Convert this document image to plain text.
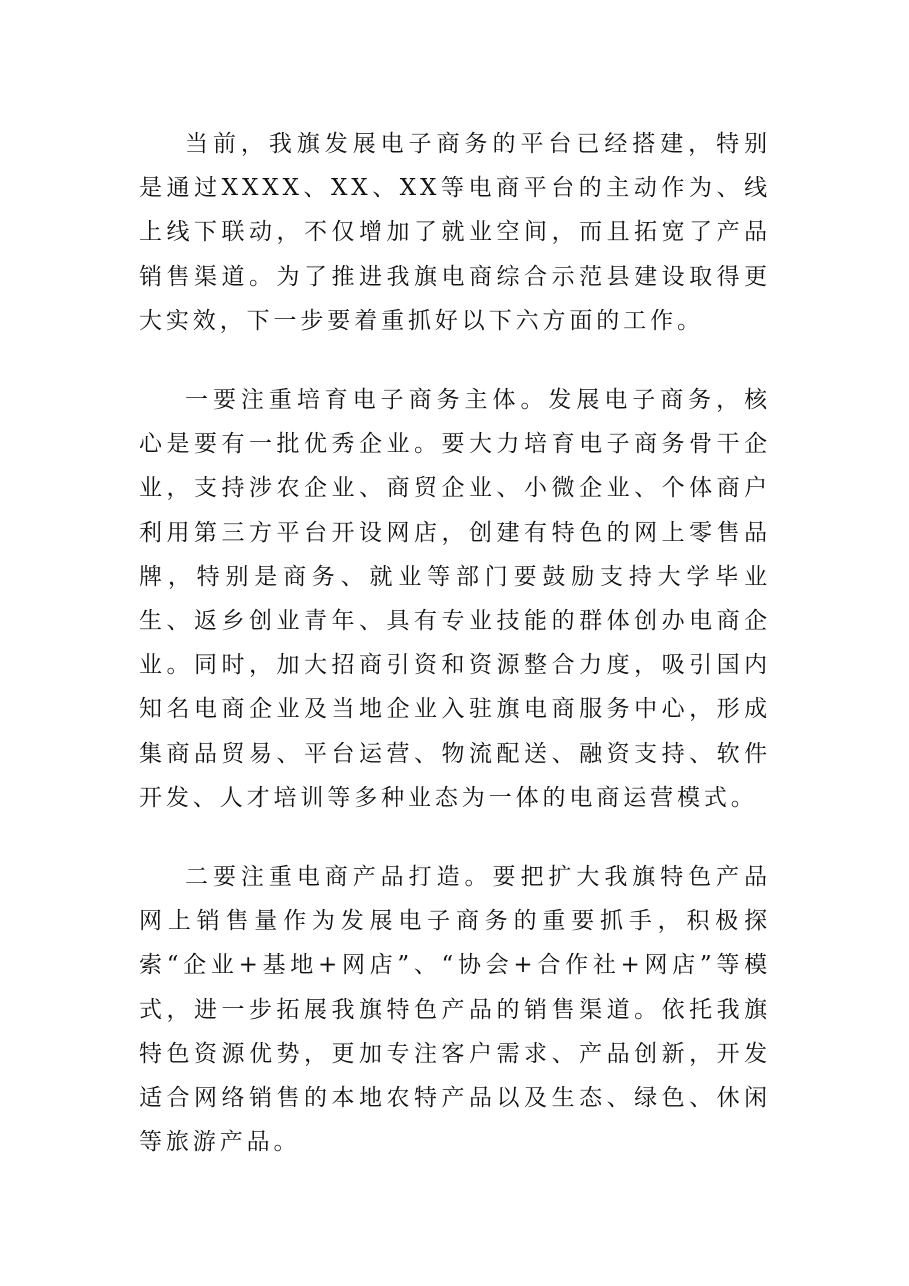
当前，我旗发展电子商务的平台已经搭建，特别是通过XXXX、XX、XX等电商平台的主动作为、线上线下联动，不仅增加了就业空间，而且拓宽了产品销售渠道。为了推进我旗电商综合示范县建设取得更大实效，下一步要着重抓好以下六方面的工作。

一要注重培育电子商务主体。发展电子商务，核心是要有一批优秀企业。要大力培育电子商务骨干企业，支持涉农企业、商贸企业、小微企业、个体商户利用第三方平台开设网店，创建有特色的网上零售品牌，特别是商务、就业等部门要鼓励支持大学毕业生、返乡创业青年、具有专业技能的群体创办电商企业。同时，加大招商引资和资源整合力度，吸引国内知名电商企业及当地企业入驻旗电商服务中心，形成集商品贸易、平台运营、物流配送、融资支持、软件开发、人才培训等多种业态为一体的电商运营模式。

二要注重电商产品打造。要把扩大我旗特色产品网上销售量作为发展电子商务的重要抓手，积极探索“企业+基地+网店”、“协会+合作社+网店”等模式，进一步拓展我旗特色产品的销售渠道。依托我旗特色资源优势，更加专注客户需求、产品创新，开发适合网络销售的本地农特产品以及生态、绿色、休闲等旅游产品。
